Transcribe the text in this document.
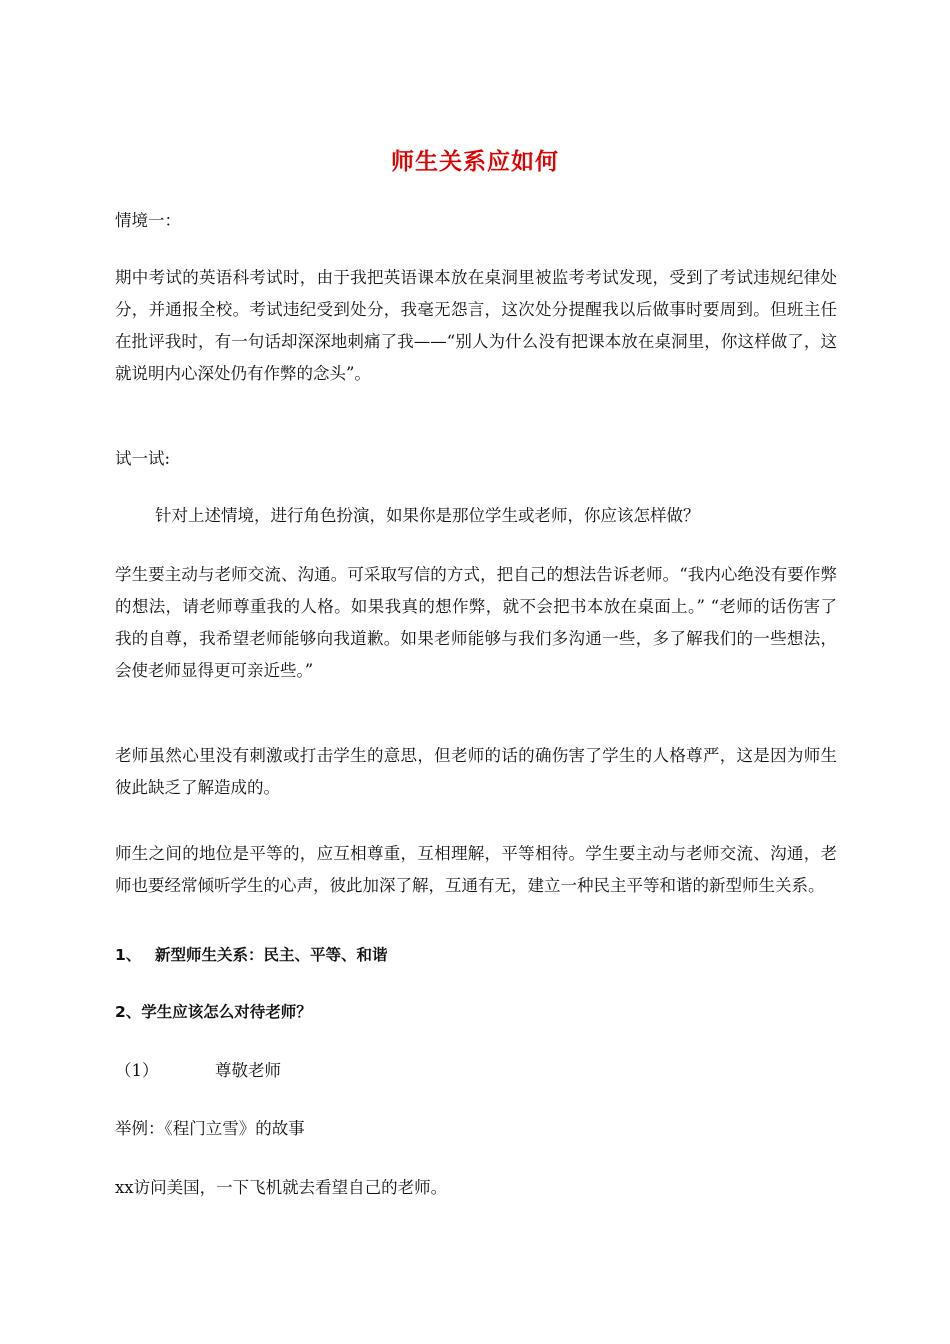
师生关系应如何
情境一：
期中考试的英语科考试时，由于我把英语课本放在桌洞里被监考考试发现，受到了考试违规纪律处分，并通报全校。考试违纪受到处分，我毫无怨言，这次处分提醒我以后做事时要周到。但班主任在批评我时，有一句话却深深地刺痛了我——“别人为什么没有把课本放在桌洞里，你这样做了，这就说明内心深处仍有作弊的念头”。
试一试:
针对上述情境，进行角色扮演，如果你是那位学生或老师，你应该怎样做？
学生要主动与老师交流、沟通。可采取写信的方式，把自己的想法告诉老师。“我内心绝没有要作弊的想法，请老师尊重我的人格。如果我真的想作弊，就不会把书本放在桌面上。” “老师的话伤害了我的自尊，我希望老师能够向我道歉。如果老师能够与我们多沟通一些，多了解我们的一些想法，会使老师显得更可亲近些。”
老师虽然心里没有刺激或打击学生的意思，但老师的话的确伤害了学生的人格尊严，这是因为师生彼此缺乏了解造成的。
师生之间的地位是平等的，应互相尊重，互相理解，平等相待。学生要主动与老师交流、沟通，老师也要经常倾听学生的心声，彼此加深了解，互通有无，建立一种民主平等和谐的新型师生关系。
1、 新型师生关系：民主、平等、和谐
2、学生应该怎么对待老师？
（1）	尊敬老师
举例：《程门立雪》的故事
xx访问美国，一下飞机就去看望自己的老师。
